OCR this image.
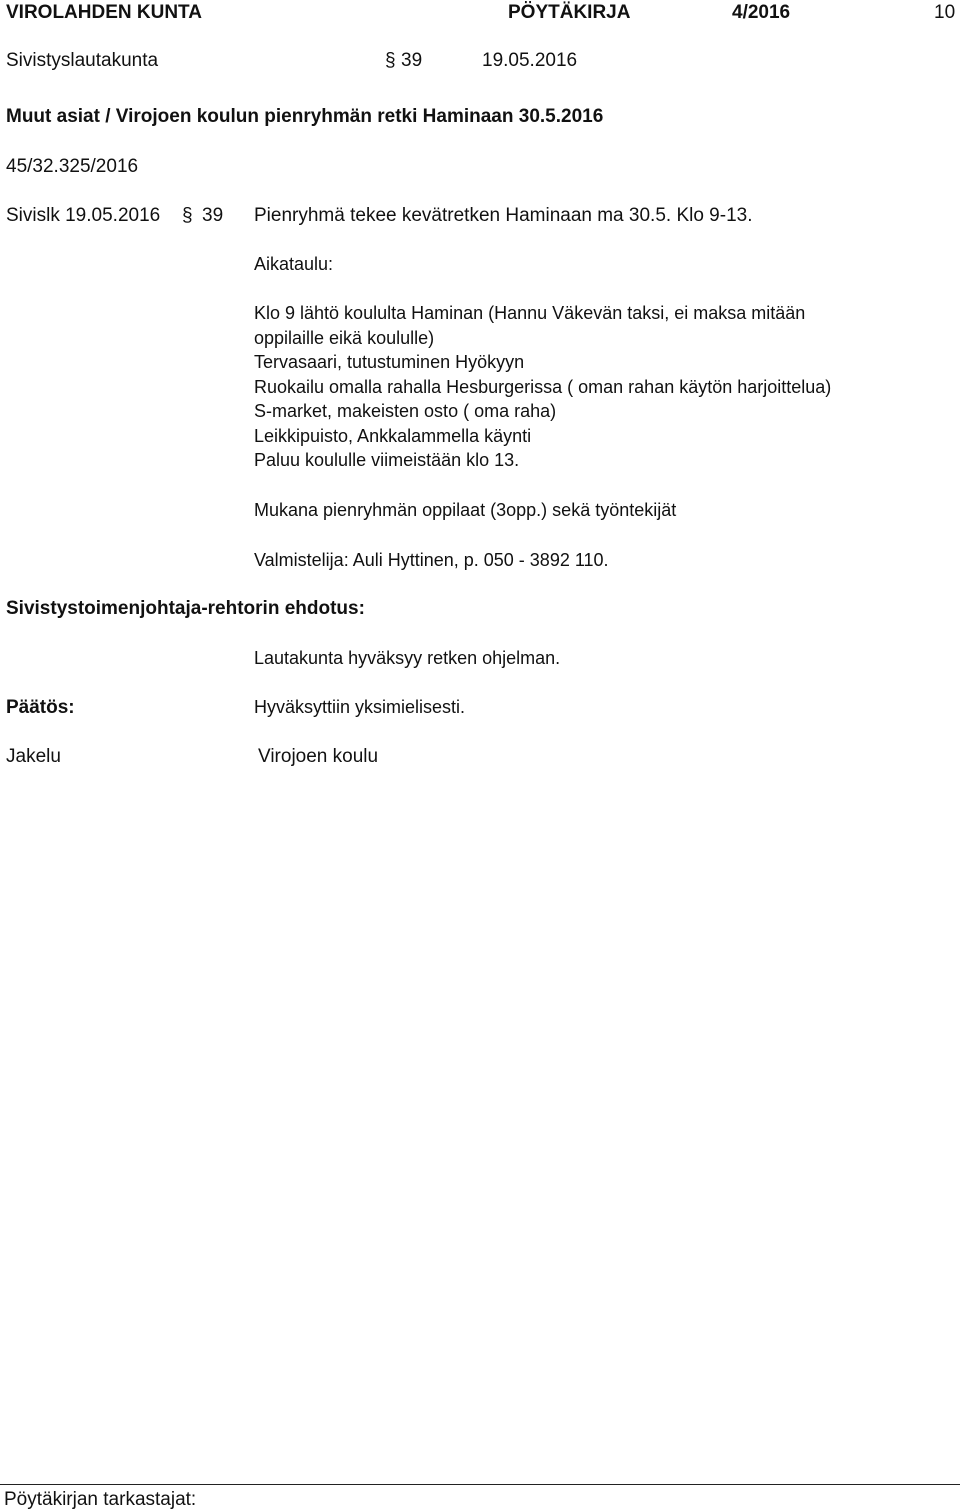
VIROLAHDEN KUNTA	PÖYTÄKIRJA	4/2016	10
Sivistyslautakunta	§ 39	19.05.2016
Muut asiat / Virojoen koulun pienryhmän retki Haminaan 30.5.2016
45/32.325/2016
Sivislk 19.05.2016 § 39 Pienryhmä tekee kevätretken Haminaan ma 30.5. Klo 9-13.
Aikataulu:
Klo 9 lähtö koululta Haminan (Hannu Väkevän taksi, ei maksa mitään
oppilaille eikä koululle)
Tervasaari, tutustuminen Hyökyyn
Ruokailu omalla rahalla Hesburgerissa ( oman rahan käytön harjoittelua)
S-market, makeisten osto ( oma raha)
Leikkipuisto, Ankkalammella käynti
Paluu koululle viimeistään klo 13.
Mukana pienryhmän oppilaat (3opp.) sekä työntekijät
Valmistelija: Auli Hyttinen, p. 050 - 3892 110.
Sivistystoimenjohtaja-rehtorin ehdotus:
Lautakunta hyväksyy retken ohjelman.
Päätös:	Hyväksyttiin yksimielisesti.
Jakelu	Virojoen koulu
Pöytäkirjan tarkastajat:
